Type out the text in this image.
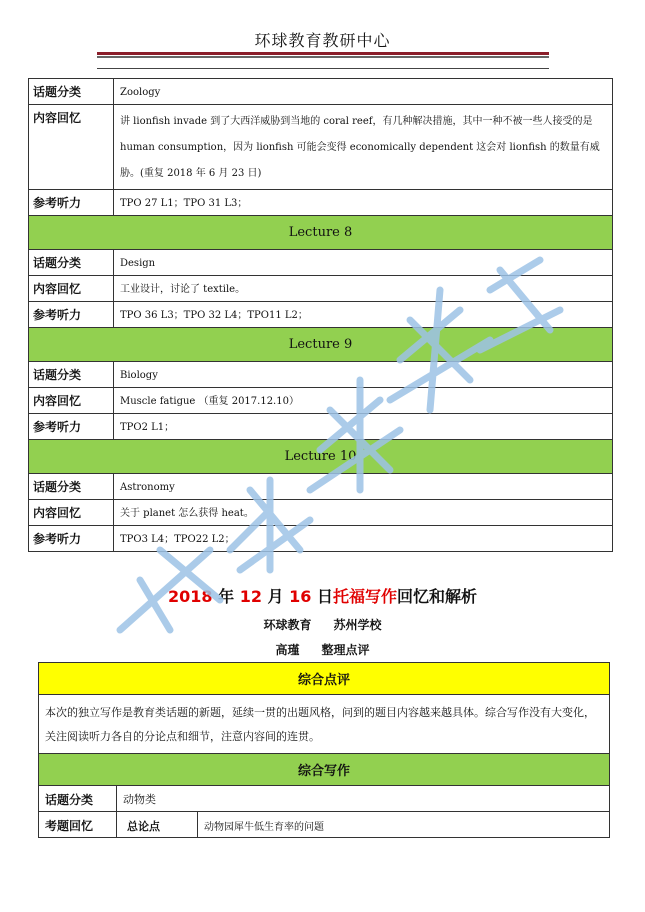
环球教育教研中心
话题分类	Zoology
内容回忆	讲 lionfish invade 到了大西洋威胁到当地的 coral reef，有几种解决措施，其中一种不被一些人接受的是 human consumption，因为 lionfish 可能会变得 economically dependent 这会对 lionfish 的数量有威胁。(重复 2018 年 6 月 23 日)
参考听力	TPO 27 L1；TPO 31 L3；
Lecture 8	
话题分类	Design
内容回忆	工业设计，讨论了 textile。
参考听力	TPO 36 L3；TPO 32 L4；TPO11 L2；
Lecture 9	
话题分类	Biology
内容回忆	Muscle fatigue （重复 2017.12.10）
参考听力	TPO2 L1；
Lecture 10	
话题分类	Astronomy
内容回忆	关于 planet 怎么获得 heat。
参考听力	TPO3 L4；TPO22 L2；
2018 年 12 月 16 日托福写作回忆和解析
环球教育 苏州学校
高瑾 整理点评
综合点评		
本次的独立写作是教育类话题的新题，延续一贯的出题风格，问到的题目内容越来越具体。综合写作没有大变化，关注阅读听力各自的分论点和细节，注意内容间的连贯。		
综合写作		
话题分类	动物类	
考题回忆	总论点	动物园犀牛低生育率的问题
